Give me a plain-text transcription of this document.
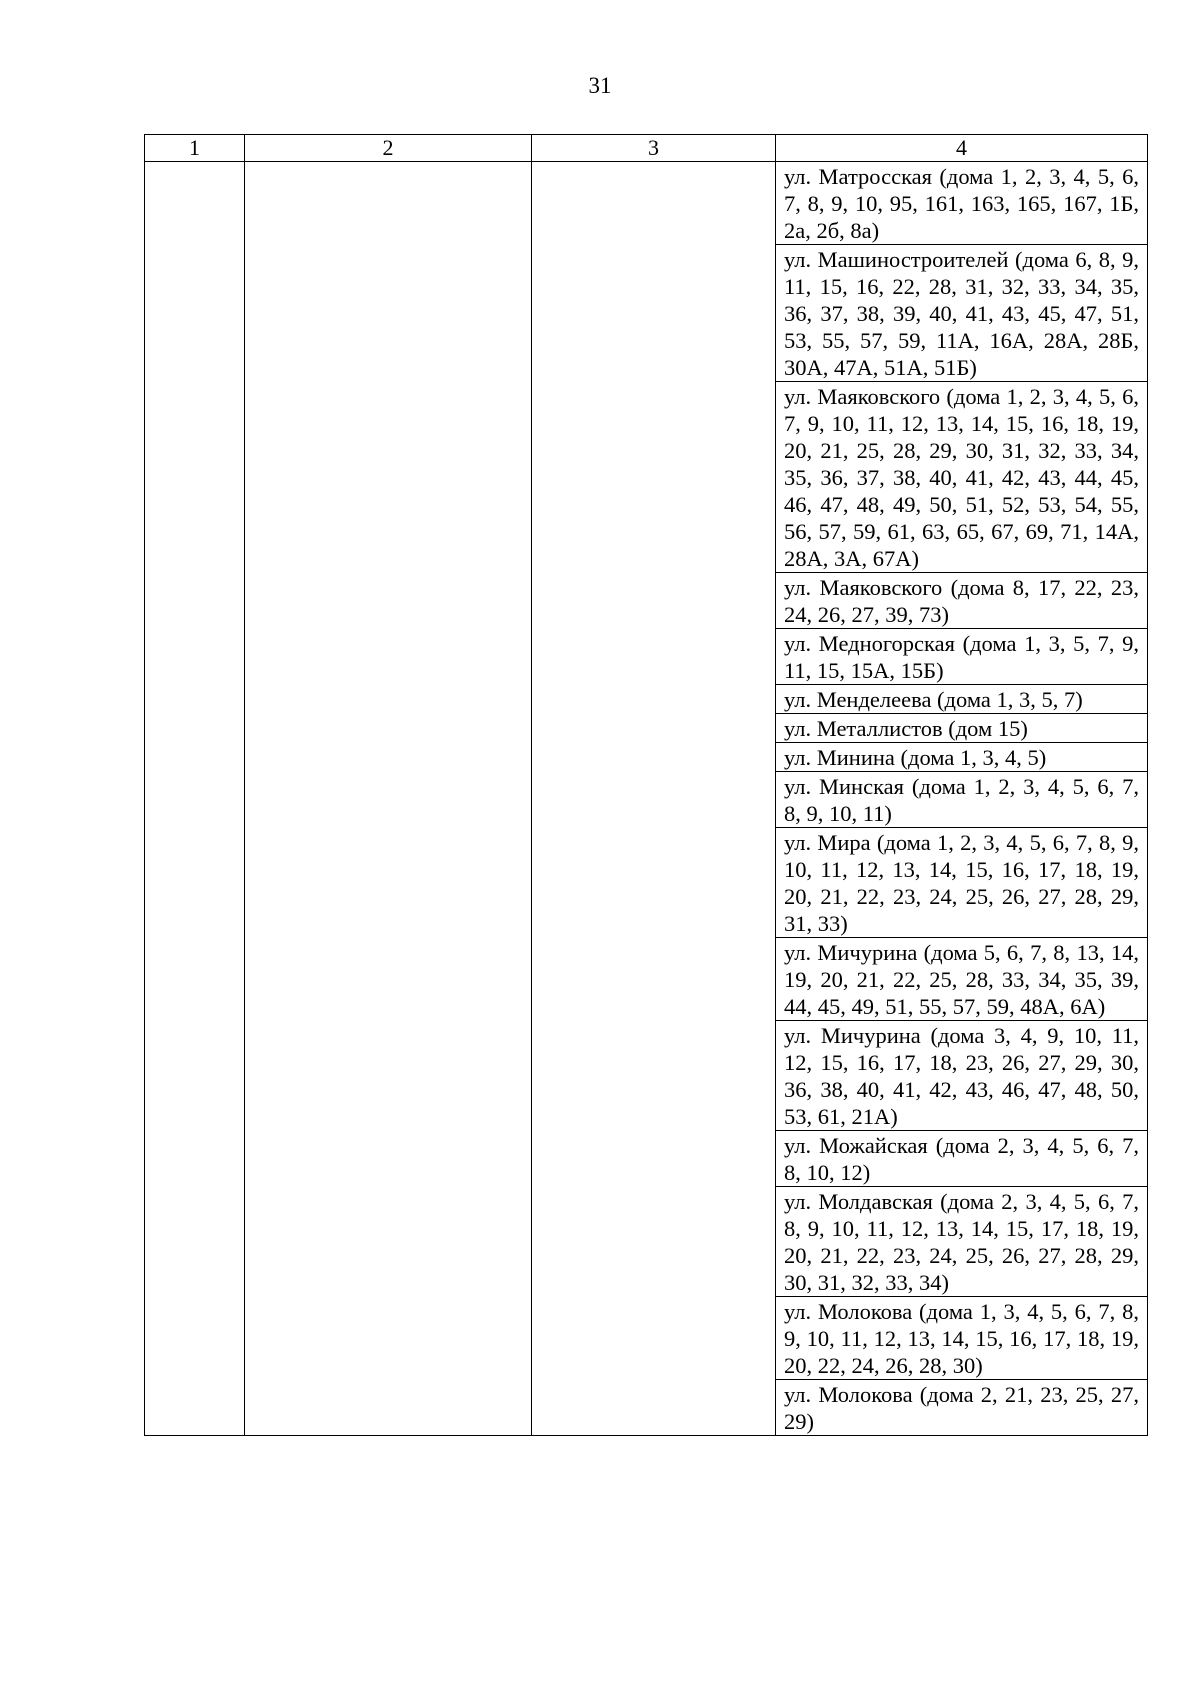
31
1	2	3	4
			ул. Матросская (дома 1, 2, 3, 4, 5, 6, 7, 8, 9, 10, 95, 161, 163, 165, 167, 1Б, 2а, 2б, 8а)
			ул. Машиностроителей (дома 6, 8, 9, 11, 15, 16, 22, 28, 31, 32, 33, 34, 35, 36, 37, 38, 39, 40, 41, 43, 45, 47, 51, 53, 55, 57, 59, 11А, 16А, 28А, 28Б, 30А, 47А, 51А, 51Б)
			ул. Маяковского (дома 1, 2, 3, 4, 5, 6, 7, 9, 10, 11, 12, 13, 14, 15, 16, 18, 19, 20, 21, 25, 28, 29, 30, 31, 32, 33, 34, 35, 36, 37, 38, 40, 41, 42, 43, 44, 45, 46, 47, 48, 49, 50, 51, 52, 53, 54, 55, 56, 57, 59, 61, 63, 65, 67, 69, 71, 14А, 28А, 3А, 67А)
			ул. Маяковского (дома 8, 17, 22, 23, 24, 26, 27, 39, 73)
			ул. Медногорская (дома 1, 3, 5, 7, 9, 11, 15, 15А, 15Б)
			ул. Менделеева (дома 1, 3, 5, 7)
			ул. Металлистов (дом 15)
			ул. Минина (дома 1, 3, 4, 5)
			ул. Минская (дома 1, 2, 3, 4, 5, 6, 7, 8, 9, 10, 11)
			ул. Мира (дома 1, 2, 3, 4, 5, 6, 7, 8, 9, 10, 11, 12, 13, 14, 15, 16, 17, 18, 19, 20, 21, 22, 23, 24, 25, 26, 27, 28, 29, 31, 33)
			ул. Мичурина (дома 5, 6, 7, 8, 13, 14, 19, 20, 21, 22, 25, 28, 33, 34, 35, 39, 44, 45, 49, 51, 55, 57, 59, 48А, 6А)
			ул. Мичурина (дома 3, 4, 9, 10, 11, 12, 15, 16, 17, 18, 23, 26, 27, 29, 30, 36, 38, 40, 41, 42, 43, 46, 47, 48, 50, 53, 61, 21А)
			ул. Можайская (дома 2, 3, 4, 5, 6, 7, 8, 10, 12)
			ул. Молдавская (дома 2, 3, 4, 5, 6, 7, 8, 9, 10, 11, 12, 13, 14, 15, 17, 18, 19, 20, 21, 22, 23, 24, 25, 26, 27, 28, 29, 30, 31, 32, 33, 34)
			ул. Молокова (дома 1, 3, 4, 5, 6, 7, 8, 9, 10, 11, 12, 13, 14, 15, 16, 17, 18, 19, 20, 22, 24, 26, 28, 30)
			ул. Молокова (дома 2, 21, 23, 25, 27, 29)
